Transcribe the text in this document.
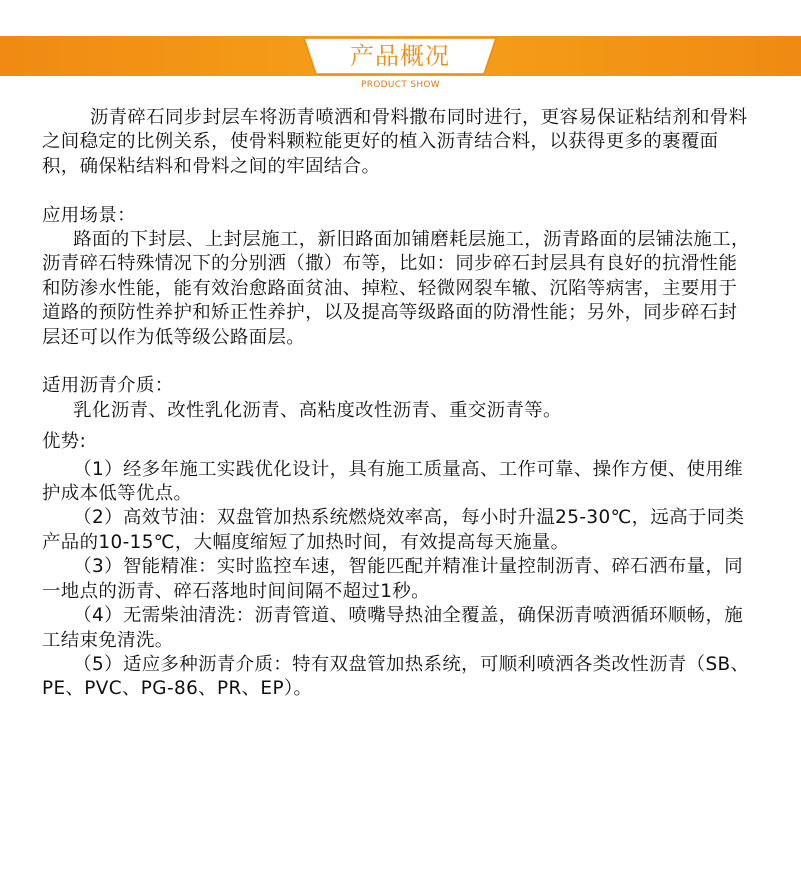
产品概况
PRODUCT SHOW

沥青碎石同步封层车将沥青喷洒和骨料撒布同时进行，更容易保证粘结剂和骨料之间稳定的比例关系，使骨料颗粒能更好的植入沥青结合料，以获得更多的裹覆面积，确保粘结料和骨料之间的牢固结合。

应用场景：

路面的下封层、上封层施工，新旧路面加铺磨耗层施工，沥青路面的层铺法施工，沥青碎石特殊情况下的分别洒（撒）布等，比如：同步碎石封层具有良好的抗滑性能和防渗水性能，能有效治愈路面贫油、掉粒、轻微网裂车辙、沉陷等病害，主要用于道路的预防性养护和矫正性养护，以及提高等级路面的防滑性能；另外，同步碎石封层还可以作为低等级公路面层。

适用沥青介质：

乳化沥青、改性乳化沥青、高粘度改性沥青、重交沥青等。

优势:

（1）经多年施工实践优化设计，具有施工质量高、工作可靠、操作方便、使用维护成本低等优点。

（2）高效节油：双盘管加热系统燃烧效率高，每小时升温25-30℃，远高于同类产品的10-15℃，大幅度缩短了加热时间，有效提高每天施量。

（3）智能精准：实时监控车速，智能匹配并精准计量控制沥青、碎石洒布量，同一地点的沥青、碎石落地时间间隔不超过1秒。

（4）无需柴油清洗：沥青管道、喷嘴导热油全覆盖，确保沥青喷洒循环顺畅，施工结束免清洗。

（5）适应多种沥青介质：特有双盘管加热系统，可顺利喷洒各类改性沥青（SB、PE、PVC、PG-86、PR、EP）。
